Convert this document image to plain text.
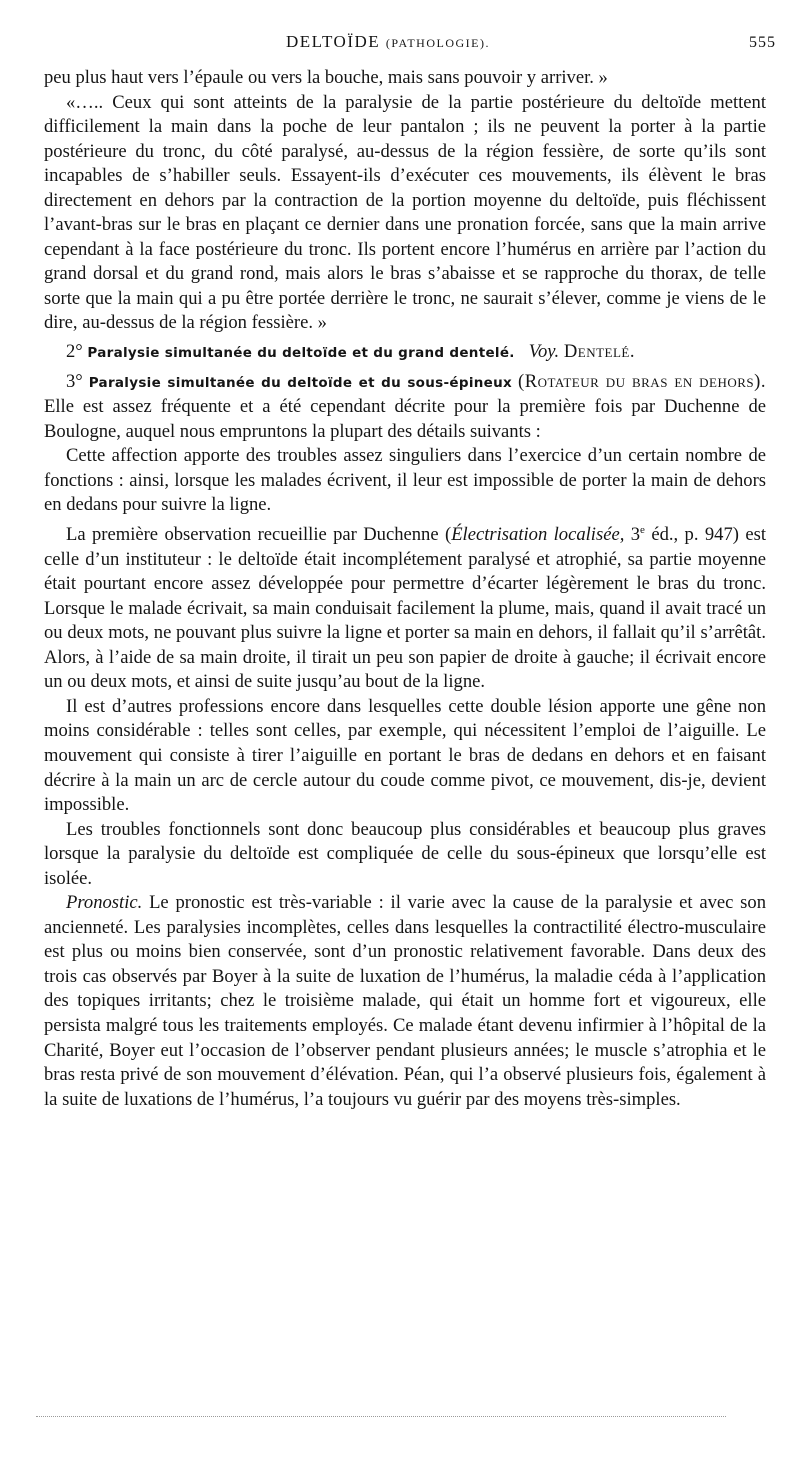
DELTOÏDE (PATHOLOGIE).	555

peu plus haut vers l’épaule ou vers la bouche, mais sans pouvoir y arriver. »

«….. Ceux qui sont atteints de la paralysie de la partie postérieure du deltoïde mettent difficilement la main dans la poche de leur pantalon ; ils ne peuvent la porter à la partie postérieure du tronc, du côté paralysé, au-dessus de la région fessière, de sorte qu’ils sont incapables de s’habiller seuls. Essayent-ils d’exécuter ces mouvements, ils élèvent le bras directement en dehors par la contraction de la portion moyenne du deltoïde, puis fléchissent l’avant-bras sur le bras en plaçant ce dernier dans une pronation forcée, sans que la main arrive cependant à la face postérieure du tronc. Ils portent encore l’humérus en arrière par l’action du grand dorsal et du grand rond, mais alors le bras s’abaisse et se rapproche du thorax, de telle sorte que la main qui a pu être portée derrière le tronc, ne saurait s’élever, comme je viens de le dire, au-dessus de la région fessière. »

2° Paralysie simultanée du deltoïde et du grand dentelé. Voy. Dentelé.

3° Paralysie simultanée du deltoïde et du sous-épineux (Rotateur du bras en dehors). Elle est assez fréquente et a été cependant décrite pour la première fois par Duchenne de Boulogne, auquel nous empruntons la plupart des détails suivants :

Cette affection apporte des troubles assez singuliers dans l’exercice d’un certain nombre de fonctions : ainsi, lorsque les malades écrivent, il leur est impossible de porter la main de dehors en dedans pour suivre la ligne.

La première observation recueillie par Duchenne (Électrisation localisée, 3e éd., p. 947) est celle d’un instituteur : le deltoïde était incomplétement paralysé et atrophié, sa partie moyenne était pourtant encore assez développée pour permettre d’écarter légèrement le bras du tronc. Lorsque le malade écrivait, sa main conduisait facilement la plume, mais, quand il avait tracé un ou deux mots, ne pouvant plus suivre la ligne et porter sa main en dehors, il fallait qu’il s’arrêtât. Alors, à l’aide de sa main droite, il tirait un peu son papier de droite à gauche; il écrivait encore un ou deux mots, et ainsi de suite jusqu’au bout de la ligne.

Il est d’autres professions encore dans lesquelles cette double lésion apporte une gêne non moins considérable : telles sont celles, par exemple, qui nécessitent l’emploi de l’aiguille. Le mouvement qui consiste à tirer l’aiguille en portant le bras de dedans en dehors et en faisant décrire à la main un arc de cercle autour du coude comme pivot, ce mouvement, dis-je, devient impossible.

Les troubles fonctionnels sont donc beaucoup plus considérables et beaucoup plus graves lorsque la paralysie du deltoïde est compliquée de celle du sous-épineux que lorsqu’elle est isolée.

Pronostic. Le pronostic est très-variable : il varie avec la cause de la paralysie et avec son ancienneté. Les paralysies incomplètes, celles dans lesquelles la contractilité électro-musculaire est plus ou moins bien conservée, sont d’un pronostic relativement favorable. Dans deux des trois cas observés par Boyer à la suite de luxation de l’humérus, la maladie céda à l’application des topiques irritants; chez le troisième malade, qui était un homme fort et vigoureux, elle persista malgré tous les traitements employés. Ce malade étant devenu infirmier à l’hôpital de la Charité, Boyer eut l’occasion de l’observer pendant plusieurs années; le muscle s’atrophia et le bras resta privé de son mouvement d’élévation. Péan, qui l’a observé plusieurs fois, également à la suite de luxations de l’humérus, l’a toujours vu guérir par des moyens très-simples.
